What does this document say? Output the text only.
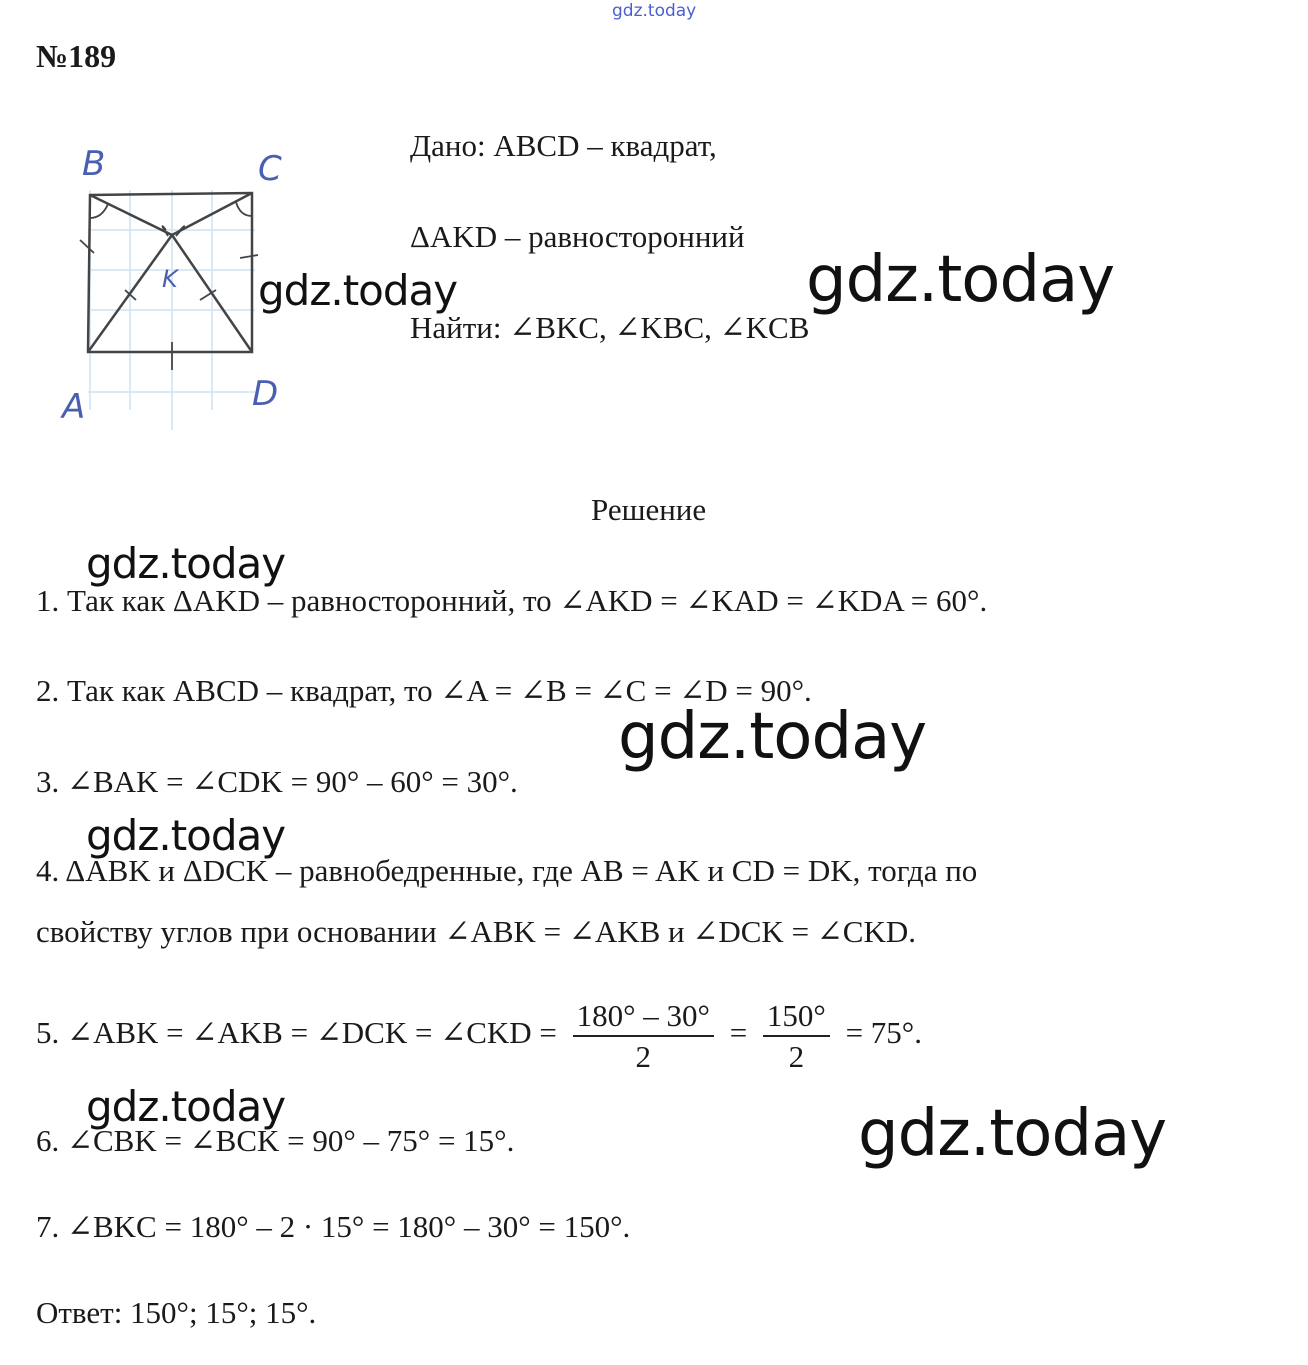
gdz.today
№189
B	C
A	D
K
Дано: ABCD – квадрат,
ΔAKD – равносторонний
Найти: ∠BKC, ∠KBC, ∠KCB
Решение
1. Так как ΔAKD – равносторонний, то ∠AKD = ∠KAD = ∠KDA = 60°.
2. Так как ABCD – квадрат, то ∠A = ∠B = ∠C = ∠D = 90°.
3. ∠BAK = ∠CDK = 90° – 60° = 30°.
4. ΔABK и ΔDCK – равнобедренные, где AB = AK и CD = DK, тогда по
свойству углов при основании ∠ABK = ∠AKB и ∠DCK = ∠CKD.
5. ∠ABK = ∠AKB = ∠DCK = ∠CKD = $\frac{180^\circ - 30^\circ}{2} = \frac{150^\circ}{2} = 75^\circ$.
6. ∠CBK = ∠BCK = 90° – 75° = 15°.
7. ∠BKC = 180° – 2 · 15° = 180° – 30° = 150°.
Ответ: 150°; 15°; 15°.
gdz.today	gdz.today
gdz.today
gdz.today
gdz.today
gdz.today	gdz.today
